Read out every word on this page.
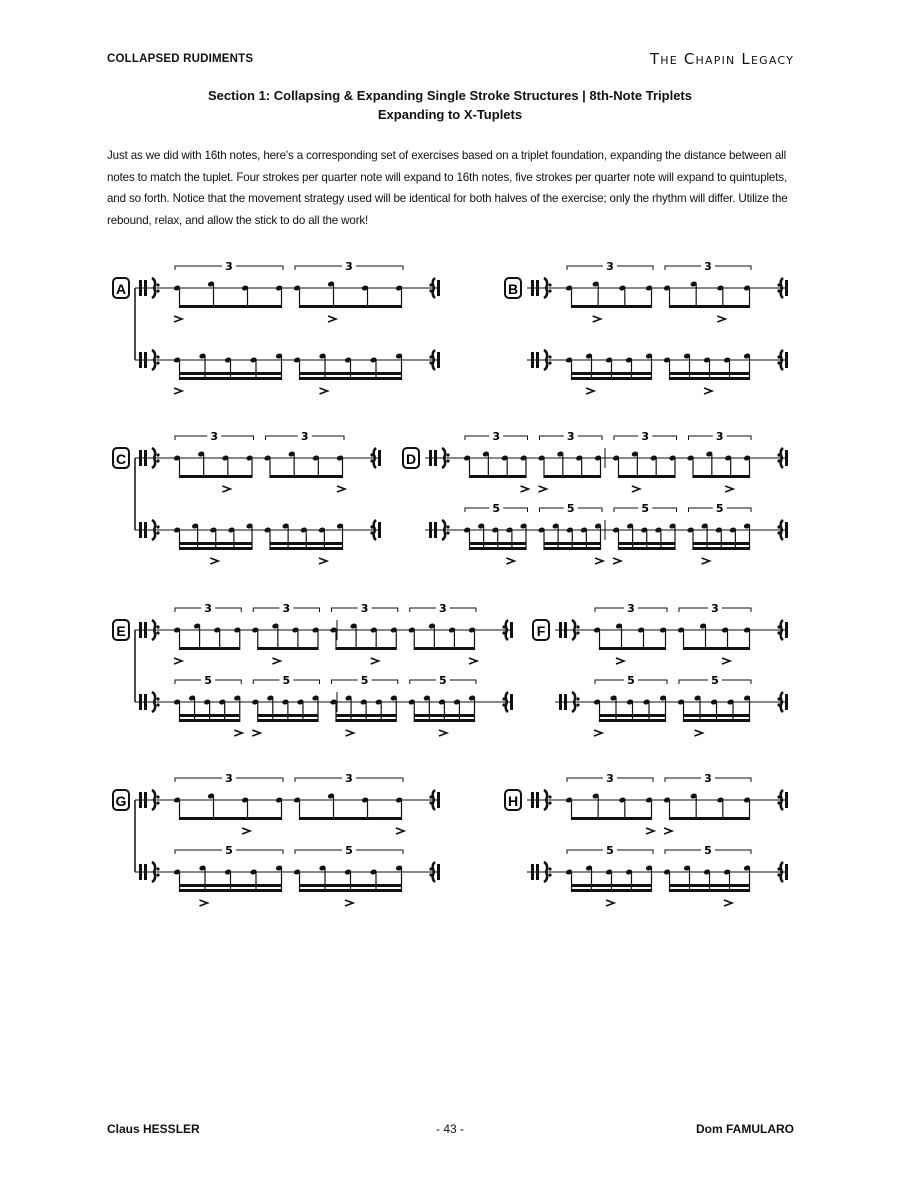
COLLAPSED RUDIMENTS	The Chapin Legacy
Section 1: Collapsing & Expanding Single Stroke Structures | 8th-Note Triplets
Expanding to X-Tuplets
Just as we did with 16th notes, here's a corresponding set of exercises based on a triplet foundation, expanding the distance between all notes to match the tuplet. Four strokes per quarter note will expand to 16th notes, five strokes per quarter note will expand to quintuplets, and so forth. Notice that the movement strategy used will be identical for both halves of the exercise; only the rhythm will differ. Utilize the rebound, relax, and allow the stick to do all the work!
A
3	3
B
3	3
C
3	3
D
3	3	3	3
5	5	5	5
E
3	3	3	3
5	5	5	5
F
3	3
5	5
G
3	3
5	5
H
3	3
5	5
Claus HESSLER	- 43 -	Dom FAMULARO
